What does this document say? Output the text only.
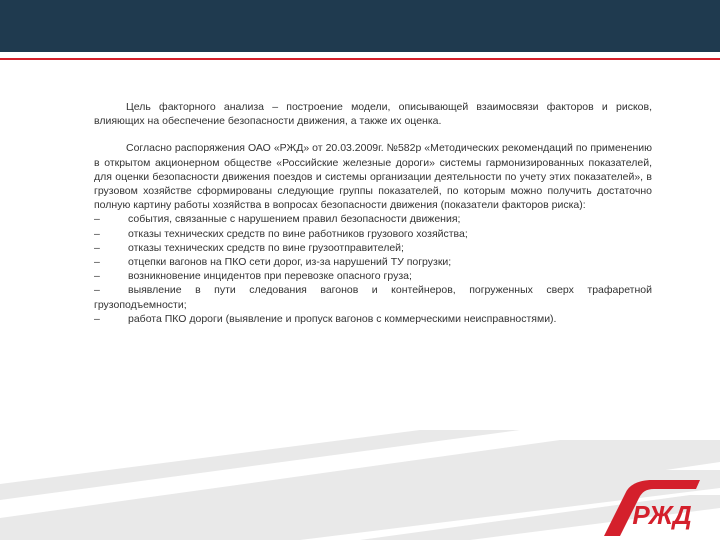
Цель факторного анализа – построение модели, описывающей взаимосвязи факторов и рисков, влияющих на обеспечение безопасности движения, а также их оценка.

Согласно распоряжения ОАО «РЖД» от 20.03.2009г. №582р «Методических рекомендаций по применению в открытом акционерном обществе «Российские железные дороги» системы гармонизированных показателей, для оценки безопасности движения поездов и системы организации деятельности по учету этих показателей», в грузовом хозяйстве сформированы следующие группы показателей, по которым можно получить достаточно полную картину работы хозяйства в вопросах безопасности движения (показатели факторов риска):

–	события, связанные с нарушением правил безопасности движения;
–	отказы технических средств по вине работников грузового хозяйства;
–	отказы технических средств по вине грузоотправителей;
–	отцепки вагонов на ПКО сети дорог, из-за нарушений ТУ погрузки;
–	возникновение инцидентов при перевозке опасного груза;

–	выявление в пути следования вагонов и контейнеров, погруженных сверх трафаретной грузоподъемности;

–	работа ПКО дороги (выявление и пропуск вагонов с коммерческими неисправностями).
РЖД
